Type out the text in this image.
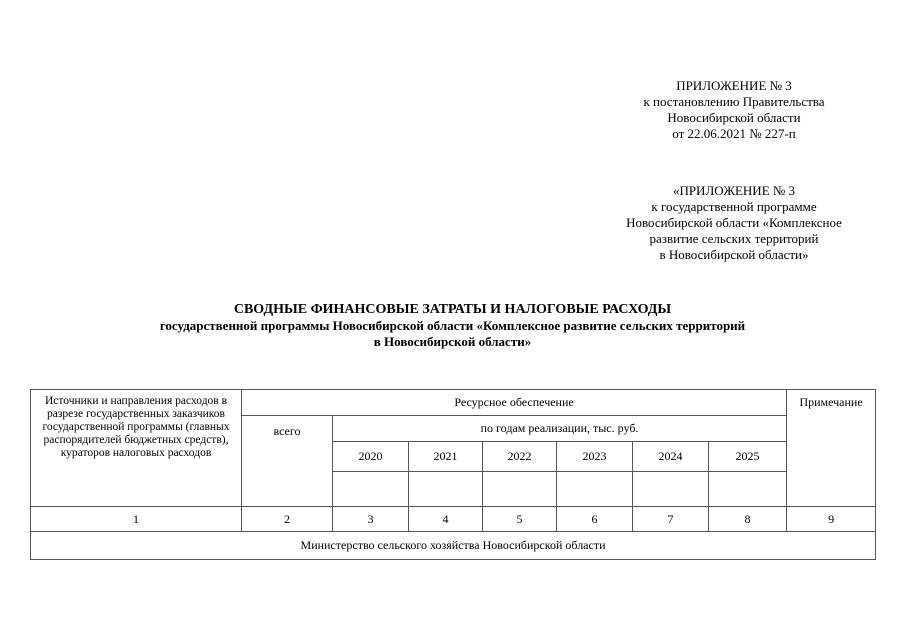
ПРИЛОЖЕНИЕ № 3
к постановлению Правительства
Новосибирской области
от 22.06.2021 № 227-п
«ПРИЛОЖЕНИЕ № 3
к государственной программе
Новосибирской области «Комплексное
развитие сельских территорий
в Новосибирской области»
СВОДНЫЕ ФИНАНСОВЫЕ ЗАТРАТЫ И НАЛОГОВЫЕ РАСХОДЫ
государственной программы Новосибирской области «Комплексное развитие сельских территорий
в Новосибирской области»
Источники и направления расходов в разрезе государственных заказчиков государственной программы (главных распорядителей бюджетных средств), кураторов налоговых расходов	Ресурсное обеспечение							Примечание
	всего	по годам реализации, тыс. руб.						
		2020	2021	2022	2023	2024	2025	

1	2	3	4	5	6	7	8	9
Министерство сельского хозяйства Новосибирской области								
